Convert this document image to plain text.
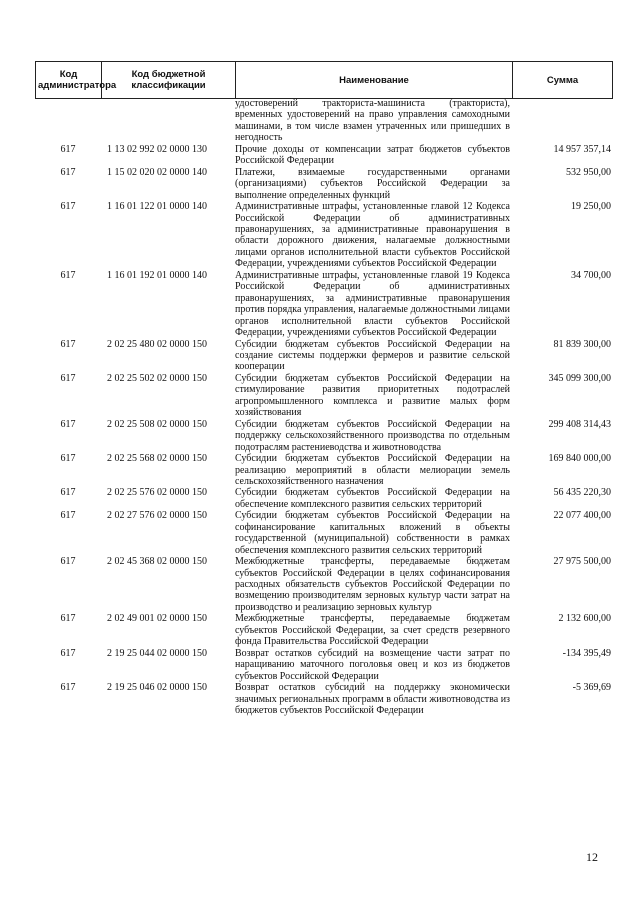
Код администратора	Код бюджетной классификации	Наименование	Сумма
		удостоверений тракториста-машиниста (тракториста), временных удостоверений на право управления самоходными машинами, в том числе взамен утраченных или пришедших в негодность	
617	1 13 02 992 02 0000 130	Прочие доходы от компенсации затрат бюджетов субъектов Российской Федерации	14 957 357,14
617	1 15 02 020 02 0000 140	Платежи, взимаемые государственными органами (организациями) субъектов Российской Федерации за выполнение определенных функций	532 950,00
617	1 16 01 122 01 0000 140	Административные штрафы, установленные главой 12 Кодекса Российской Федерации об административных правонарушениях, за административные правонарушения в области дорожного движения, налагаемые должностными лицами органов исполнительной власти субъектов Российской Федерации, учреждениями субъектов Российской Федерации	19 250,00
617	1 16 01 192 01 0000 140	Административные штрафы, установленные главой 19 Кодекса Российской Федерации об административных правонарушениях, за административные правонарушения против порядка управления, налагаемые должностными лицами органов исполнительной власти субъектов Российской Федерации, учреждениями субъектов Российской Федерации	34 700,00
617	2 02 25 480 02 0000 150	Субсидии бюджетам субъектов Российской Федерации на создание системы поддержки фермеров и развитие сельской кооперации	81 839 300,00
617	2 02 25 502 02 0000 150	Субсидии бюджетам субъектов Российской Федерации на стимулирование развития приоритетных подотраслей агропромышленного комплекса и развитие малых форм хозяйствования	345 099 300,00
617	2 02 25 508 02 0000 150	Субсидии бюджетам субъектов Российской Федерации на поддержку сельскохозяйственного производства по отдельным подотраслям растениеводства и животноводства	299 408 314,43
617	2 02 25 568 02 0000 150	Субсидии бюджетам субъектов Российской Федерации на реализацию мероприятий в области мелиорации земель сельскохозяйственного назначения	169 840 000,00
617	2 02 25 576 02 0000 150	Субсидии бюджетам субъектов Российской Федерации на обеспечение комплексного развития сельских территорий	56 435 220,30
617	2 02 27 576 02 0000 150	Субсидии бюджетам субъектов Российской Федерации на софинансирование капитальных вложений в объекты государственной (муниципальной) собственности в рамках обеспечения комплексного развития сельских территорий	22 077 400,00
617	2 02 45 368 02 0000 150	Межбюджетные трансферты, передаваемые бюджетам субъектов Российской Федерации в целях софинансирования расходных обязательств субъектов Российской Федерации по возмещению производителям зерновых культур части затрат на производство и реализацию зерновых культур	27 975 500,00
617	2 02 49 001 02 0000 150	Межбюджетные трансферты, передаваемые бюджетам субъектов Российской Федерации, за счет средств резервного фонда Правительства Российской Федерации	2 132 600,00
617	2 19 25 044 02 0000 150	Возврат остатков субсидий на возмещение части затрат по наращиванию маточного поголовья овец и коз из бюджетов субъектов Российской Федерации	-134 395,49
617	2 19 25 046 02 0000 150	Возврат остатков субсидий на поддержку экономически значимых региональных программ в области животноводства из бюджетов субъектов Российской Федерации	-5 369,69
12
